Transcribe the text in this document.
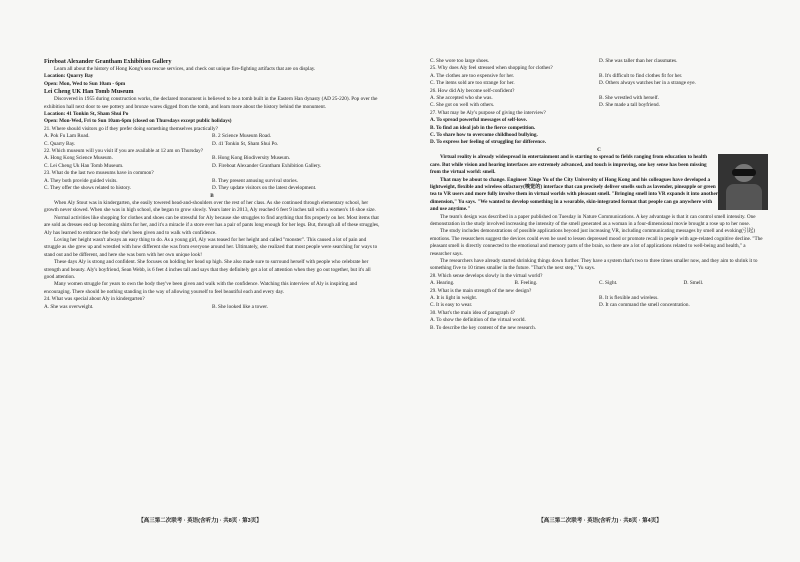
Fireboat Alexander Grantham Exhibition Gallery

Learn all about the history of Hong Kong's sea rescue services, and check out unique fire-fighting artifacts that are on display.

Location: Quarry Bay

Open: Mon, Wed to Sun 10am - 6pm

Lei Cheng UK Han Tomb Museum

Discovered in 1955 during construction works, the declared monument is believed to be a tomb built in the Eastern Han dynasty (AD 25-220). Pop over the exhibition hall next door to see pottery and bronze wares digged from the tomb, and learn more about the history behind the monument.

Location: 41 Tonkin St, Sham Shui Po

Open: Mon-Wed, Fri to Sun 10am-6pm (closed on Thursdays except public holidays)

21. Where should visitors go if they prefer doing something themselves practically?

A. Pok Fu Lam Road.	B. 2 Science Museum Road.
C. Quarry Bay.	D. 41 Tonkin St, Sham Shui Po.

22. Which museum will you visit if you are available at 12 am on Thursday?

A. Hong Kong Science Museum.	B. Hong Kong Biodiversity Museum.
C. Lei Cheng Uk Han Tomb Museum.	D. Fireboat Alexander Grantham Exhibition Gallery.

23. What do the last two museums have in common?

A. They both provide guided visits.	B. They present amusing survival stories.
C. They offer the shows related to history.	D. They update visitors on the latest development.

B

When Aly Stout was in kindergarten, she easily towered head-and-shoulders over the rest of her class. As she continued through elementary school, her growth never slowed. When she was in high school, she began to grow slowly. Years later in 2013, Aly reached 6 feet 9 inches tall with a women's 16 shoe size.

Normal activities like shopping for clothes and shoes can be stressful for Aly because she struggles to find anything that fits properly on her. Most items that are sold as dresses end up becoming shirts for her, and it's a miracle if a store ever has a pair of pants long enough for her legs. But, through all of these struggles, Aly has learned to embrace the body she's been given and to walk with confidence.

Loving her height wasn't always an easy thing to do. As a young girl, Aly was teased for her height and called "monster". This caused a lot of pain and struggle as she grew up and wrestled with how different she was from everyone around her. Ultimately, she realized that most people were searching for ways to stand out and be different, and here she was born with her own unique look!

These days Aly is strong and confident. She focuses on holding her head up high. She also made sure to surround herself with people who celebrate her strength and beauty. Aly's boyfriend, Sean Webb, is 6 feet 4 inches tall and says that they definitely get a lot of attention when they go out together, but it's all good attention.

Many women struggle for years to own the body they've been given and walk with the confidence. Watching this interview of Aly is inspiring and encouraging. There should be nothing standing in the way of allowing yourself to feel beautiful each and every day.

24. What was special about Aly in kindergarten?

A. She was overweight.	B. She looked like a tower.
【高三第二次联考 · 英语(含听力) · 共8页 · 第3页】
C. She wore too large shoes.	D. She was taller than her classmates.

25. Why does Aly feel stressed when shopping for clothes?

A. The clothes are too expensive for her.	B. It's difficult to find clothes fit for her.
C. The items sold are too strange for her.	D. Others always watches her in a strange eye.

26. How did Aly become self-confident?

A. She accepted who she was.	B. She wrestled with herself.
C. She got on well with others.	D. She made a tall boyfriend.

27. What may be Aly's purpose of giving the interview?

A. To spread powerful messages of self-love.

B. To find an ideal job in the fierce competition.

C. To share how to overcome childhood bullying.

D. To express her feeling of struggling for difference.

C

Virtual reality is already widespread in entertainment and is starting to spread to fields ranging from education to health care. But while vision and hearing interfaces are extremely advanced, and touch is improving, one key sense has been missing from the virtual world: smell.

That may be about to change. Engineer Xinge Yu of the City University of Hong Kong and his colleagues have developed a lightweight, flexible and wireless olfactory(嗅觉的) interface that can precisely deliver smells such as lavender, pineapple or green tea to VR users and more fully involve them in virtual worlds with pleasant smell. "Bringing smell into VR expands it into another dimension," Yu says. "We wanted to develop something in a wearable, skin-integrated format that people can go anywhere with and use anytime."

The team's design was described in a paper published on Tuesday in Nature Communications. A key advantage is that it can control smell intensity. One demonstration in the study involved increasing the intensity of the smell generated as a woman in a four-dimensional movie brought a rose up to her nose.

The study includes demonstrations of possible applications beyond just increasing VR, including communicating messages by smell and evoking(引起) emotions. The researchers suggest the devices could even be used to lessen depressed mood or promote recall in people with age-related cognitive decline. "The pleasant smell is directly connected to the emotional and memory parts of the brain, so there are a lot of applications related to well-being and health," a researcher says.

The researchers have already started shrinking things down further. They have a system that's two to three times smaller now, and they aim to shrink it to something five to 10 times smaller in the future. "That's the next step," Yu says.

28. Which sense develops slowly in the virtual world?

A. Hearing.	B. Feeling.	C. Sight.	D. Smell.

29. What is the main strength of the new design?

A. It is light in weight.	B. It is flexible and wireless.
C. It is easy to wear.	D. It can command the smell concentration.

30. What's the main idea of paragraph 4?

A. To show the definition of the virtual world.

B. To describe the key content of the new research.

【高三第二次联考 · 英语(含听力) · 共8页 · 第4页】
